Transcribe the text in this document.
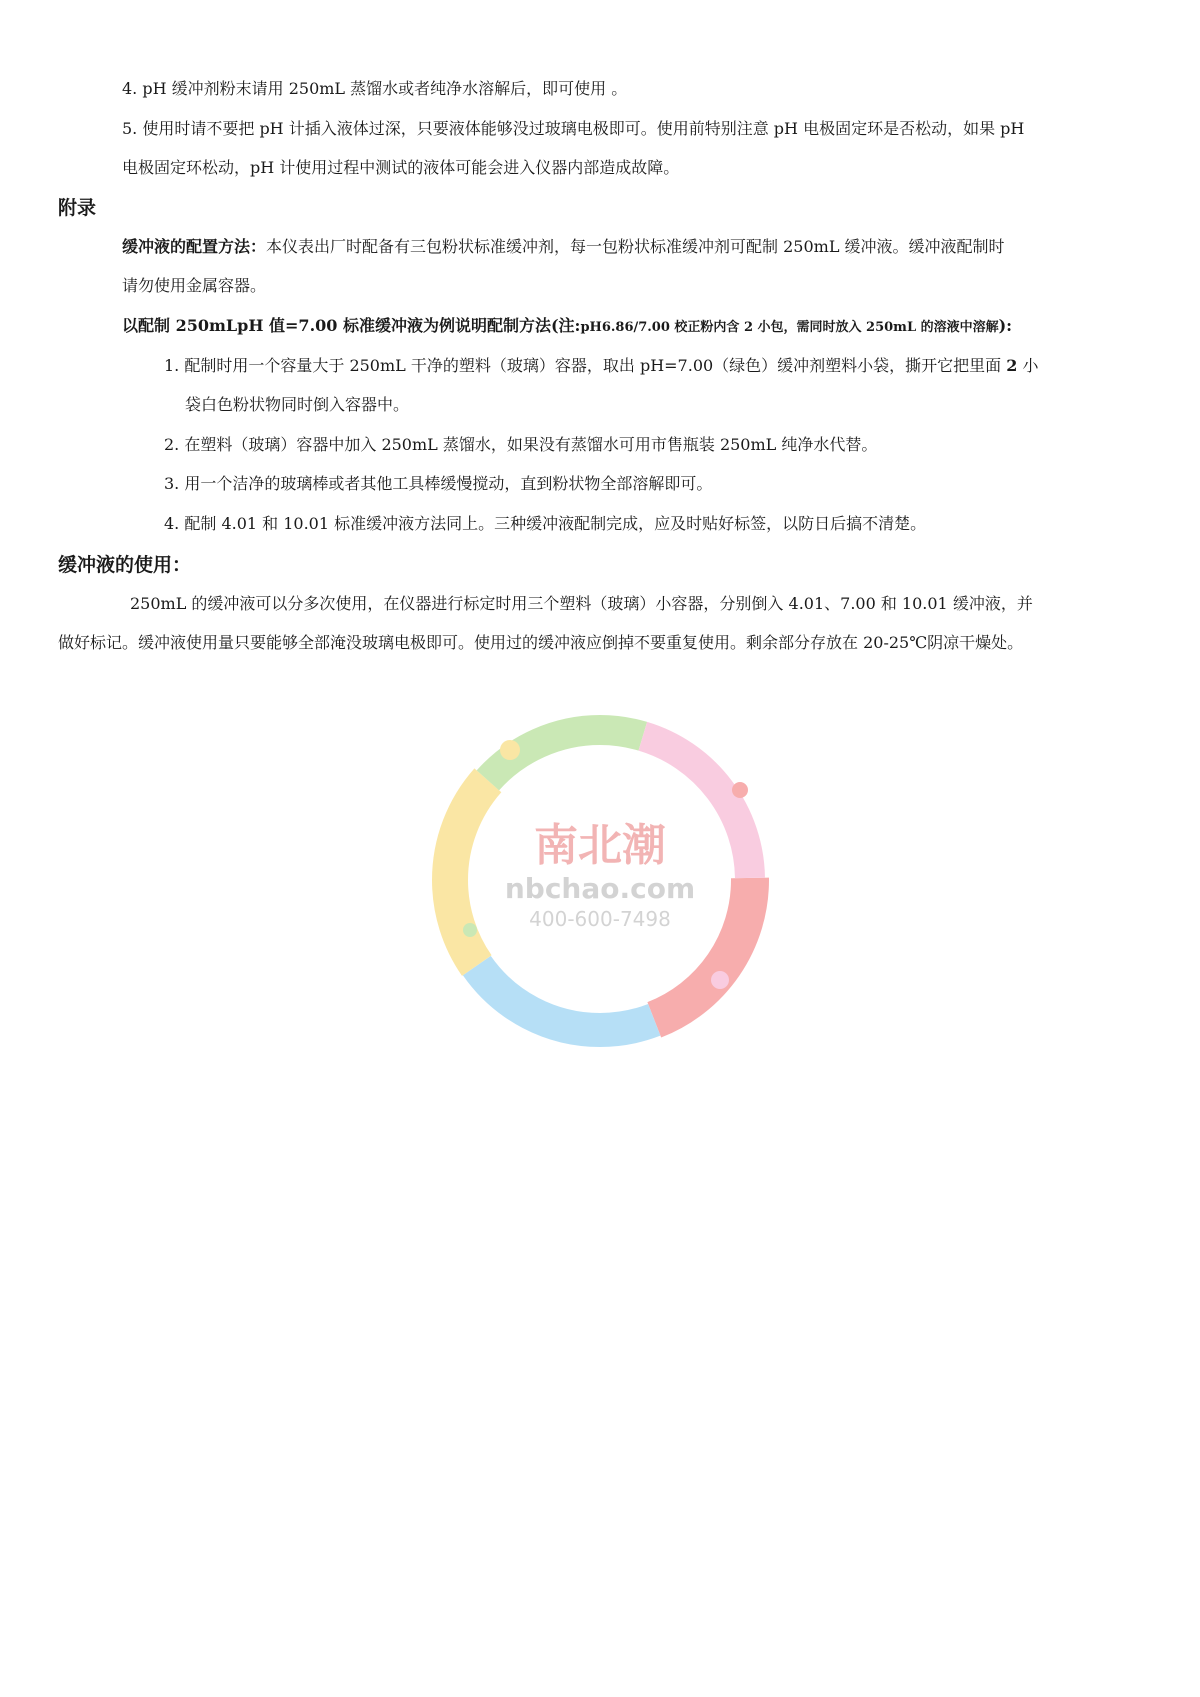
4. pH 缓冲剂粉末请用 250mL 蒸馏水或者纯净水溶解后，即可使用 。
5. 使用时请不要把 pH 计插入液体过深，只要液体能够没过玻璃电极即可。使用前特别注意 pH 电极固定环是否松动，如果 pH
电极固定环松动，pH 计使用过程中测试的液体可能会进入仪器内部造成故障。
附录
缓冲液的配置方法：本仪表出厂时配备有三包粉状标准缓冲剂，每一包粉状标准缓冲剂可配制 250mL 缓冲液。缓冲液配制时
请勿使用金属容器。
以配制 250mLpH 值=7.00 标准缓冲液为例说明配制方法(注:pH6.86/7.00 校正粉内含 2 小包，需同时放入 250mL 的溶液中溶解):
1. 配制时用一个容量大于 250mL 干净的塑料（玻璃）容器，取出 pH=7.00（绿色）缓冲剂塑料小袋，撕开它把里面 2 小
袋白色粉状物同时倒入容器中。
2. 在塑料（玻璃）容器中加入 250mL 蒸馏水，如果没有蒸馏水可用市售瓶装 250mL 纯净水代替。
3. 用一个洁净的玻璃棒或者其他工具棒缓慢搅动，直到粉状物全部溶解即可。
4. 配制 4.01 和 10.01 标准缓冲液方法同上。三种缓冲液配制完成，应及时贴好标签，以防日后搞不清楚。
缓冲液的使用：
250mL 的缓冲液可以分多次使用，在仪器进行标定时用三个塑料（玻璃）小容器，分别倒入 4.01、7.00 和 10.01 缓冲液，并
做好标记。缓冲液使用量只要能够全部淹没玻璃电极即可。使用过的缓冲液应倒掉不要重复使用。剩余部分存放在 20-25℃阴凉干燥处。
南北潮
nbchao.com
400-600-7498
